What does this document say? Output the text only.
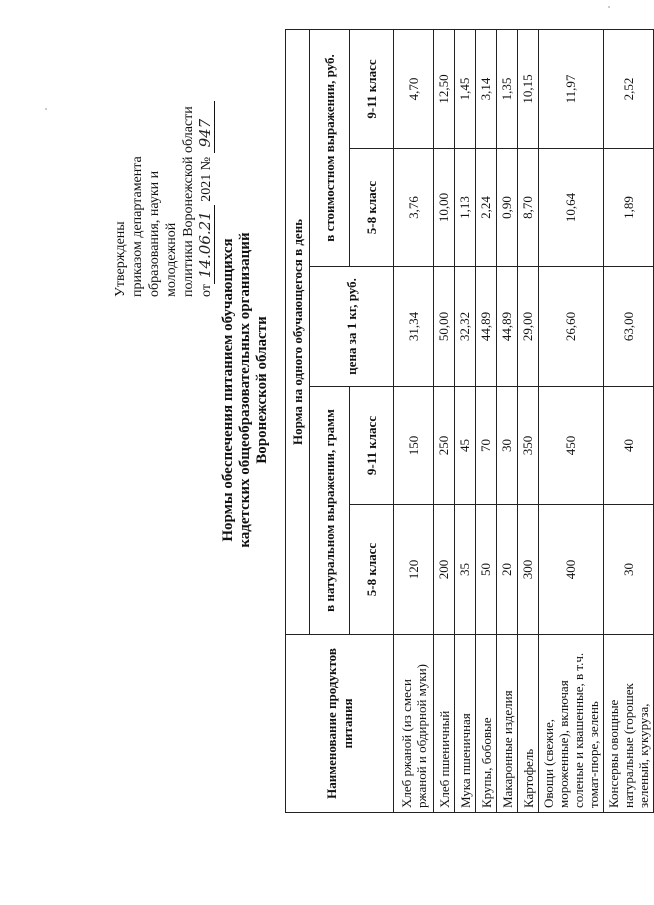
Утверждены приказом департамента образования, науки и молодежной политики Воронежской области от14.06.21 2021 № 947
Нормы обеспечения питанием обучающихся кадетских общеобразовательных организаций Воронежской области
Наименование продуктов питания	Норма на одного обучающегося в день				
	в натуральном выражении, грамм		цена за 1 кг, руб.	в стоимостном выражении, руб.	
	5-8 класс	9-11 класс		5-8 класс	9-11 класс
Хлеб ржаной (из смеси ржаной и обдирной муки)	120	150	31,34	3,76	4,70
Хлеб пшеничный	200	250	50,00	10,00	12,50
Мука пшеничная	35	45	32,32	1,13	1,45
Крупы, бобовые	50	70	44,89	2,24	3,14
Макаронные изделия	20	30	44,89	0,90	1,35
Картофель	300	350	29,00	8,70	10,15
Овощи (свежие, мороженные), включая соленые и квашенные, в т.ч. томат-пюре, зелень	400	450	26,60	10,64	11,97
Консервы овощные натуральные (горошек зеленый, кукуруза,	30	40	63,00	1,89	2,52
